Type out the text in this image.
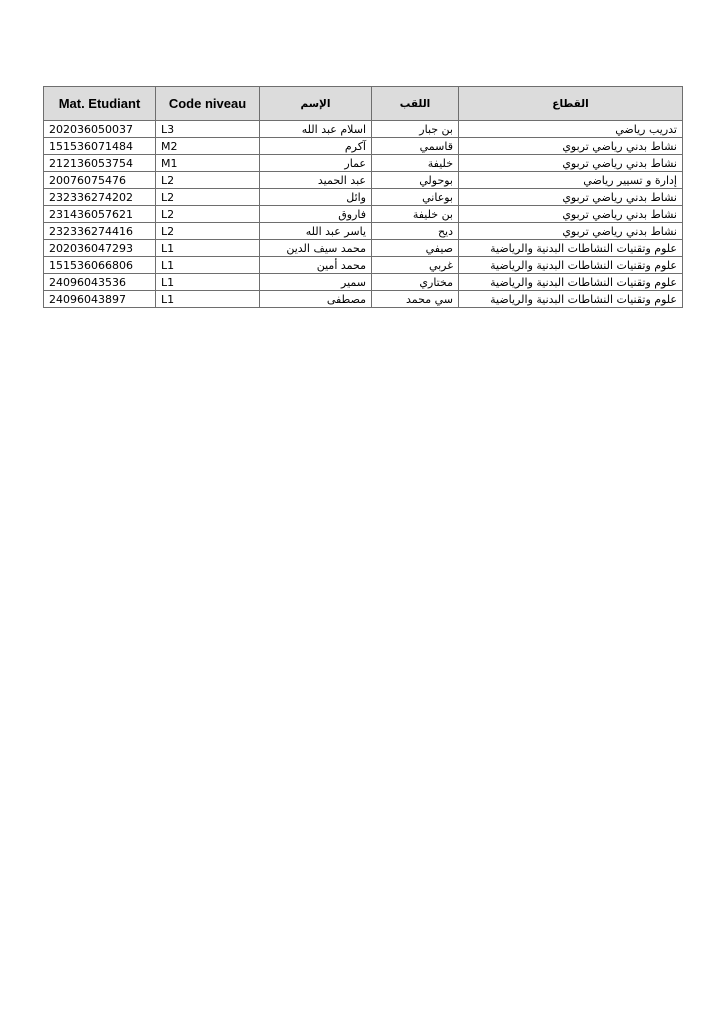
Mat. Etudiant	Code niveau	الإسم	اللقب	القطاع
202036050037	L3	اسلام عبد الله	بن جبار	تدريب رياضي
151536071484	M2	آكرم	قاسمي	نشاط بدني رياضي تربوي
212136053754	M1	عمار	خليفة	نشاط بدني رياضي تربوي
20076075476	L2	عبد الحميد	بوحولي	إدارة و تسيير رياضي
232336274202	L2	وائل	بوعاني	نشاط بدني رياضي تربوي
231436057621	L2	فاروق	بن خليفة	نشاط بدني رياضي تربوي
232336274416	L2	ياسر عبد الله	ديح	نشاط بدني رياضي تربوي
202036047293	L1	محمد سيف الدين	صيفي	علوم وتقنيات النشاطات البدنية والرياضية
151536066806	L1	محمد أمين	غربي	علوم وتقنيات النشاطات البدنية والرياضية
24096043536	L1	سمير	مختاري	علوم وتقنيات النشاطات البدنية والرياضية
24096043897	L1	مصطفى	سي محمد	علوم وتقنيات النشاطات البدنية والرياضية
